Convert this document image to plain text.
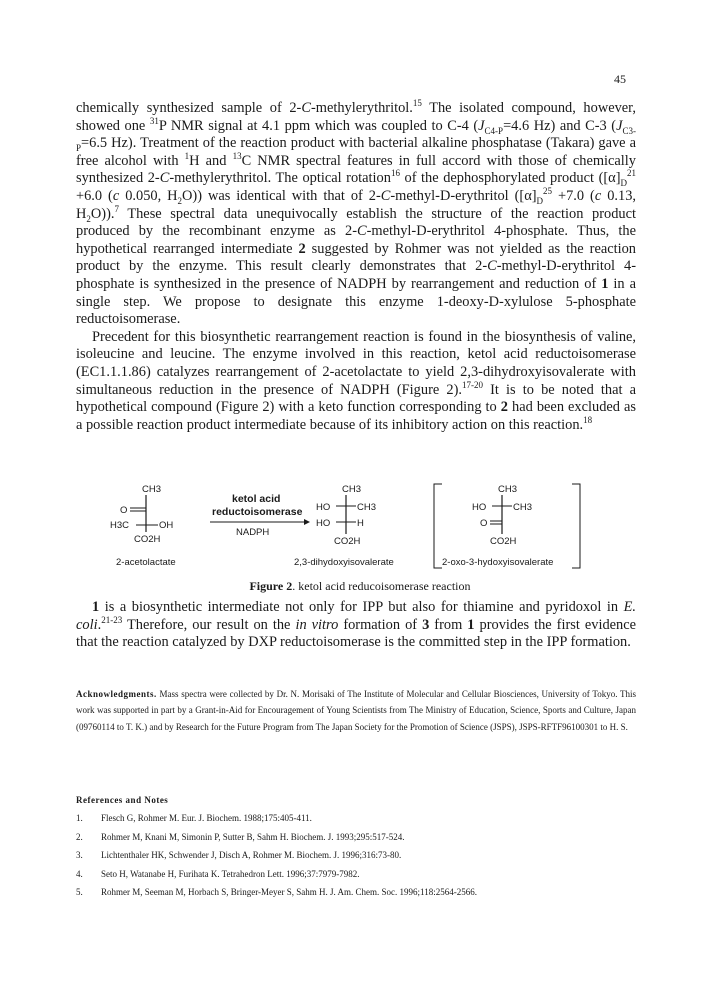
45

chemically synthesized sample of 2-C-methylerythritol.$^{15}$ The isolated compound, however, showed one $^{31}$P NMR signal at 4.1 ppm which was coupled to C-4 ($J_{C4-P}=4.6$ Hz) and C-3 ($J_{C3-P}=6.5$ Hz). Treatment of the reaction product with bacterial alkaline phosphatase (Takara) gave a free alcohol with $^1$H and $^{13}$C NMR spectral features in full accord with those of chemically synthesized 2-C-methylerythritol. The optical rotation$^{16}$ of the dephosphorylated product ($[\alpha]_D^{21} +6.0$ (c 0.050, $H_2O$)) was identical with that of 2-C-methyl-D-erythritol ($[\alpha]_D^{25} +7.0$ (c 0.13, $H_2O)).^7$ These spectral data unequivocally establish the structure of the reaction product produced by the recombinant enzyme as 2-C-methyl-D-erythritol 4-phosphate. Thus, the hypothetical rearranged intermediate 2 suggested by Rohmer was not yielded as the reaction product by the enzyme. This result clearly demonstrates that 2-C-methyl-D-erythritol 4-phosphate is synthesized in the presence of NADPH by rearrangement and reduction of 1 in a single step. We propose to designate this enzyme 1-deoxy-D-xylulose 5-phosphate reductoisomerase.

Precedent for this biosynthetic rearrangement reaction is found in the biosynthesis of valine, isoleucine and leucine. The enzyme involved in this reaction, ketol acid reductoisomerase (EC1.1.1.86) catalyzes rearrangement of 2-acetolactate to yield 2,3-dihydroxyisovalerate with simultaneous reduction in the presence of NADPH (Figure 2).$^{17-20}$ It is to be noted that a hypothetical compound (Figure 2) with a keto function corresponding to 2 had been excluded as a possible reaction product intermediate because of its inhibitory action on this reaction.$^{18}$

CH3
O
H3C	OH
CO2H
ketol acid
reductoisomerase
NADPH
CH3
HO	CH3
HO	H
CO2H
CH3
HO	CH3
O
CO2H
2-acetolactate	2,3-dihydoxyisovalerate	2-oxo-3-hydoxyisovalerate
Figure 2. ketol acid reducoisomerase reaction

1 is a biosynthetic intermediate not only for IPP but also for thiamine and pyridoxol in E. coli.$^{21-23}$ Therefore, our result on the in vitro formation of 3 from 1 provides the first evidence that the reaction catalyzed by DXP reductoisomerase is the committed step in the IPP formation.

Acknowledgments. Mass spectra were collected by Dr. N. Morisaki of The Institute of Molecular and Cellular Biosciences, University of Tokyo. This work was supported in part by a Grant-in-Aid for Encouragement of Young Scientists from The Ministry of Education, Science, Sports and Culture, Japan (09760114 to T. K.) and by Research for the Future Program from The Japan Society for the Promotion of Science (JSPS), JSPS-RFTF96100301 to H. S.
References and Notes
1. Flesch G, Rohmer M. Eur. J. Biochem. 1988;175:405-411.
2. Rohmer M, Knani M, Simonin P, Sutter B, Sahm H. Biochem. J. 1993;295:517-524.
3. Lichtenthaler HK, Schwender J, Disch A, Rohmer M. Biochem. J. 1996;316:73-80.
4. Seto H, Watanabe H, Furihata K. Tetrahedron Lett. 1996;37:7979-7982.
5. Rohmer M, Seeman M, Horbach S, Bringer-Meyer S, Sahm H. J. Am. Chem. Soc. 1996;118:2564-2566.
